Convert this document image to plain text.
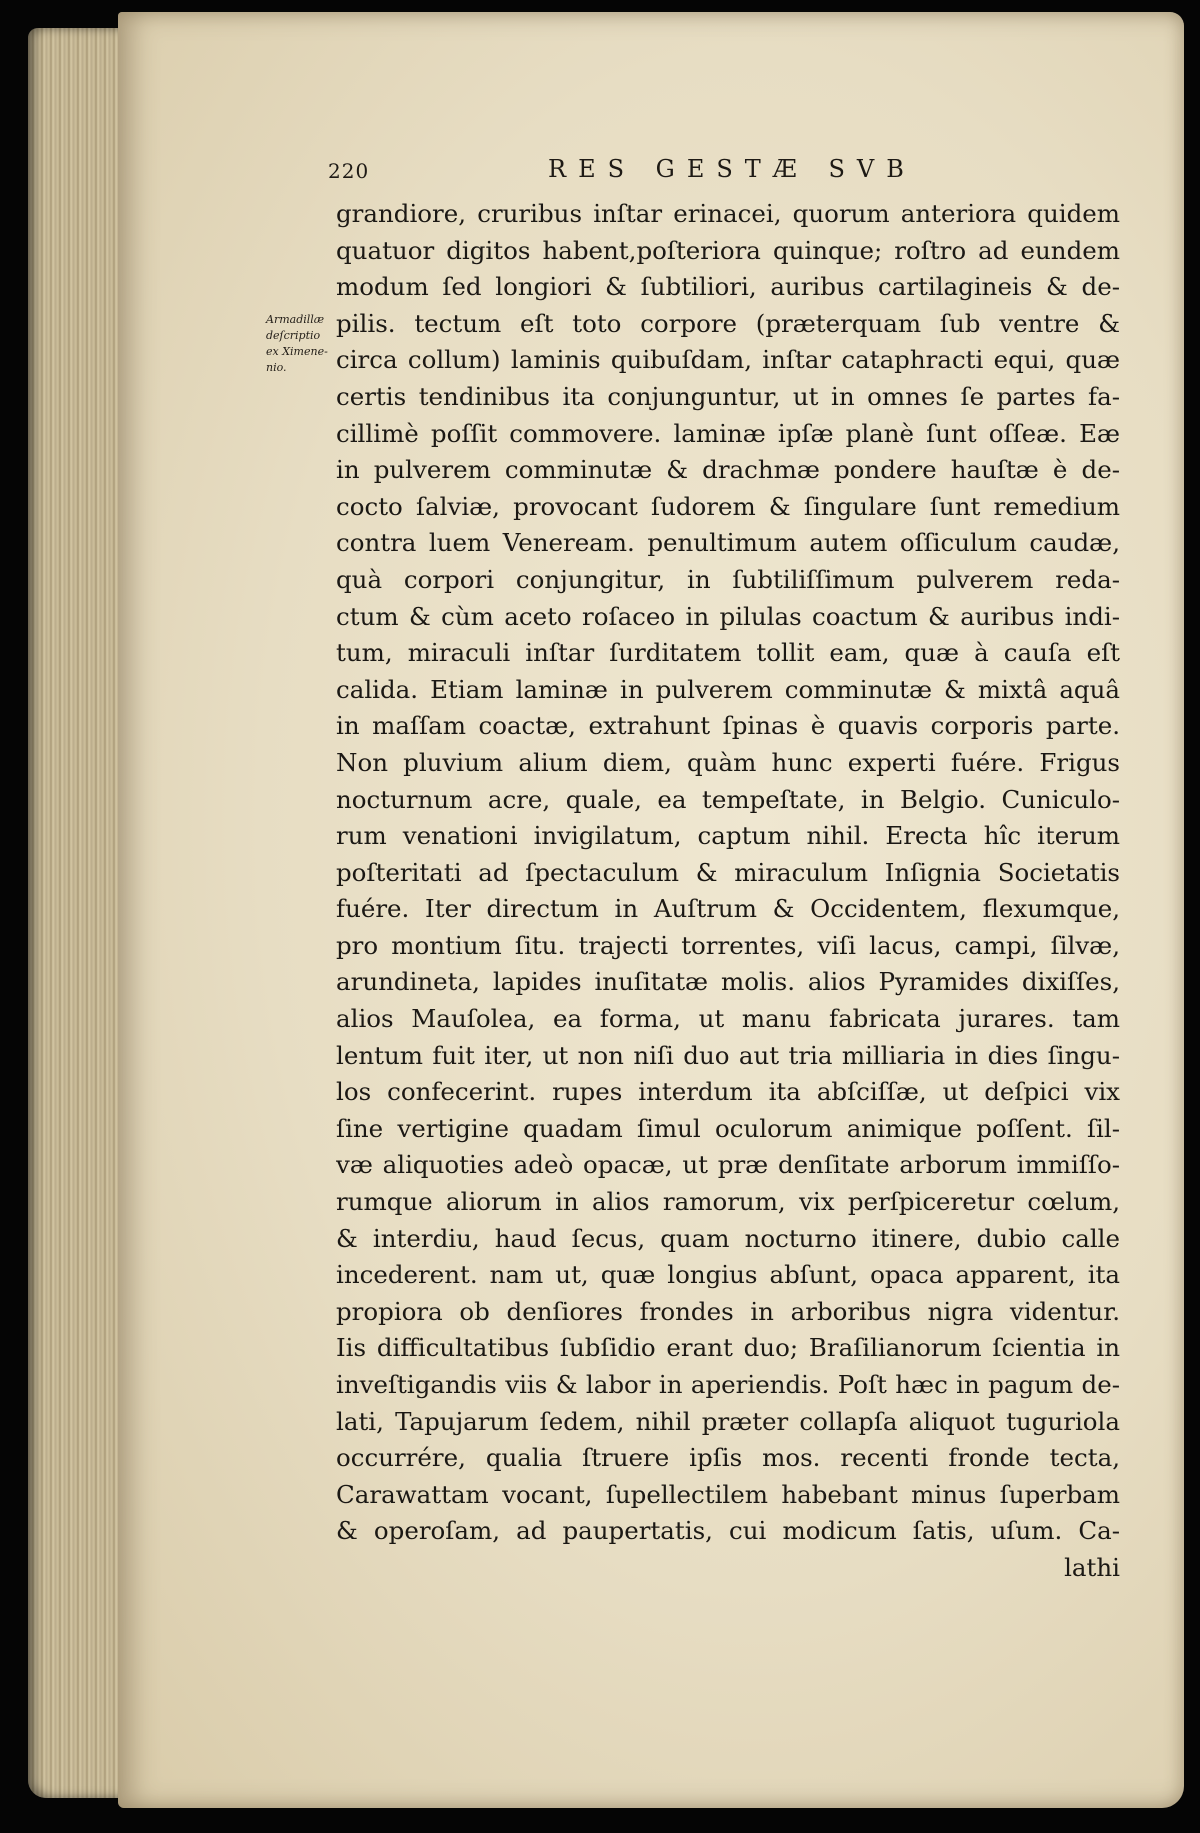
220	RES GESTÆ SVB
Armadillæ
deſcriptio
ex Ximene-
nio.
grandiore, cruribus inſtar erinacei, quorum anteriora quidem
quatuor digitos habent,poſteriora quinque; roſtro ad eundem
modum ſed longiori & ſubtiliori, auribus cartilagineis & de-
pilis. tectum eſt toto corpore (præterquam ſub ventre &
circa collum) laminis quibuſdam, inſtar cataphracti equi, quæ
certis tendinibus ita conjunguntur, ut in omnes ſe partes fa-
cillimè poſſit commovere. laminæ ipſæ planè ſunt oſſeæ. Eæ
in pulverem comminutæ & drachmæ pondere hauſtæ è de-
cocto ſalviæ, provocant ſudorem & ſingulare ſunt remedium
contra luem Veneream. penultimum autem oſſiculum caudæ,
quà corpori conjungitur, in ſubtiliſſimum pulverem reda-
ctum & cùm aceto roſaceo in pilulas coactum & auribus indi-
tum, miraculi inſtar ſurditatem tollit eam, quæ à cauſa eſt
calida. Etiam laminæ in pulverem comminutæ & mixtâ aquâ
in maſſam coactæ, extrahunt ſpinas è quavis corporis parte.
Non pluvium alium diem, quàm hunc experti fuére. Frigus
nocturnum acre, quale, ea tempeſtate, in Belgio. Cuniculo-
rum venationi invigilatum, captum nihil. Erecta hîc iterum
poſteritati ad ſpectaculum & miraculum Inſignia Societatis
fuére. Iter directum in Auſtrum & Occidentem, flexumque,
pro montium ſitu. trajecti torrentes, viſi lacus, campi, ſilvæ,
arundineta, lapides inuſitatæ molis. alios Pyramides dixiſſes,
alios Mauſolea, ea forma, ut manu fabricata jurares. tam
lentum fuit iter, ut non niſi duo aut tria milliaria in dies ſingu-
los confecerint. rupes interdum ita abſciſſæ, ut deſpici vix
ſine vertigine quadam ſimul oculorum animique poſſent. ſil-
væ aliquoties adeò opacæ, ut præ denſitate arborum immiſſo-
rumque aliorum in alios ramorum, vix perſpiceretur cœlum,
& interdiu, haud ſecus, quam nocturno itinere, dubio calle
incederent. nam ut, quæ longius abſunt, opaca apparent, ita
propiora ob denſiores frondes in arboribus nigra videntur.
Iis difficultatibus ſubſidio erant duo; Braſilianorum ſcientia in
inveſtigandis viis & labor in aperiendis. Poſt hæc in pagum de-
lati, Tapujarum ſedem, nihil præter collapſa aliquot tuguriola
occurrére, qualia ſtruere ipſis mos. recenti fronde tecta,
Carawattam vocant, ſupellectilem habebant minus ſuperbam
& operoſam, ad paupertatis, cui modicum ſatis, uſum. Ca-
lathi
